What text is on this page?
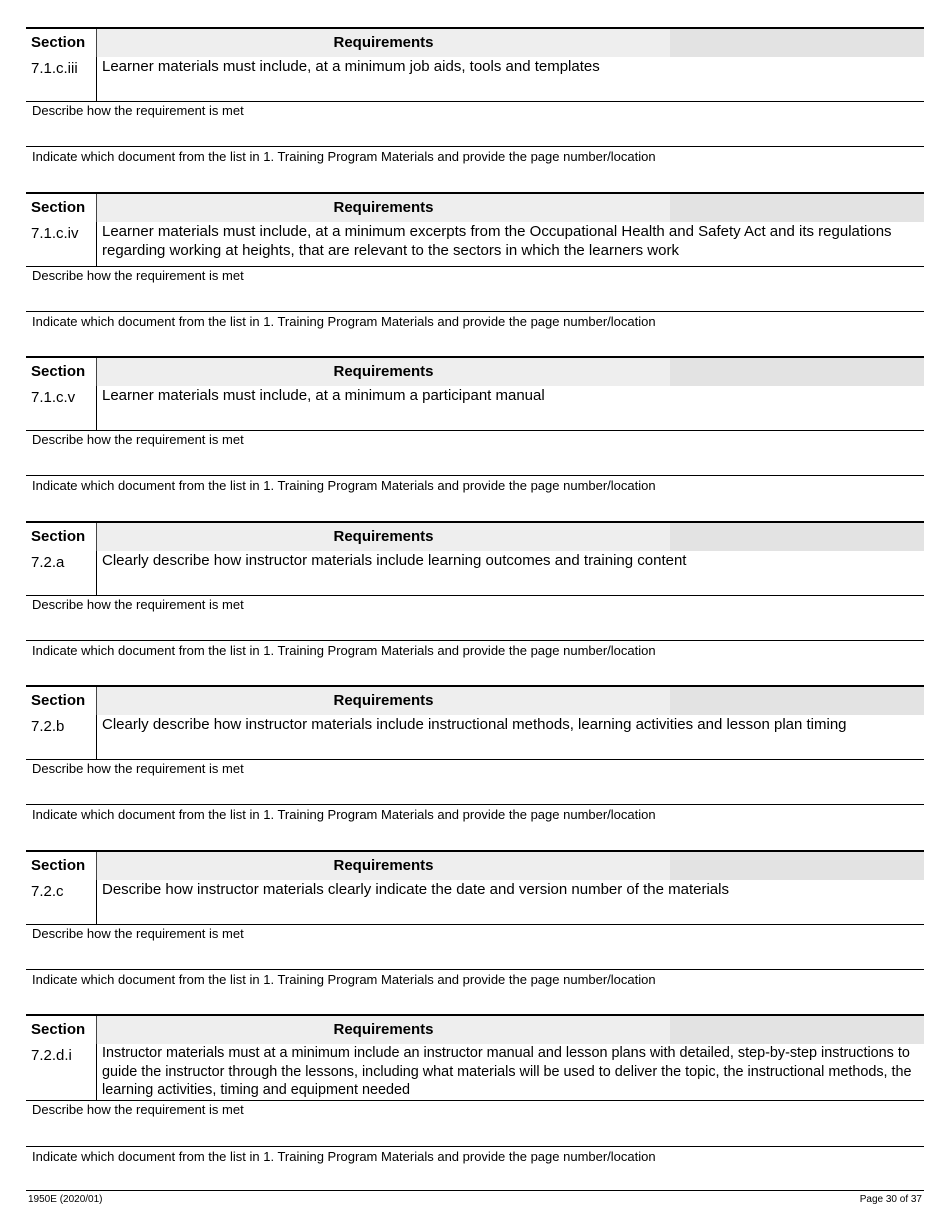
Section	Requirements
7.1.c.iii Learner materials must include, at a minimum job aids, tools and templates
Describe how the requirement is met
Indicate which document from the list in 1. Training Program Materials and provide the page number/location
Section	Requirements
7.1.c.iv Learner materials must include, at a minimum excerpts from the Occupational Health and Safety Act and its regulations regarding working at heights, that are relevant to the sectors in which the learners work
Describe how the requirement is met
Indicate which document from the list in 1. Training Program Materials and provide the page number/location
Section	Requirements
7.1.c.v Learner materials must include, at a minimum a participant manual
Describe how the requirement is met
Indicate which document from the list in 1. Training Program Materials and provide the page number/location
Section	Requirements
7.2.a	Clearly describe how instructor materials include learning outcomes and training content
Describe how the requirement is met
Indicate which document from the list in 1. Training Program Materials and provide the page number/location
Section	Requirements
7.2.b	Clearly describe how instructor materials include instructional methods, learning activities and lesson plan timing
Describe how the requirement is met
Indicate which document from the list in 1. Training Program Materials and provide the page number/location
Section	Requirements
7.2.c	Describe how instructor materials clearly indicate the date and version number of the materials
Describe how the requirement is met
Indicate which document from the list in 1. Training Program Materials and provide the page number/location
Section	Requirements
7.2.d.i Instructor materials must at a minimum include an instructor manual and lesson plans with detailed, step-by-step instructions to guide the instructor through the lessons, including what materials will be used to deliver the topic, the instructional methods, the learning activities, timing and equipment needed
Describe how the requirement is met
Indicate which document from the list in 1. Training Program Materials and provide the page number/location
1950E (2020/01)	Page 30 of 37
